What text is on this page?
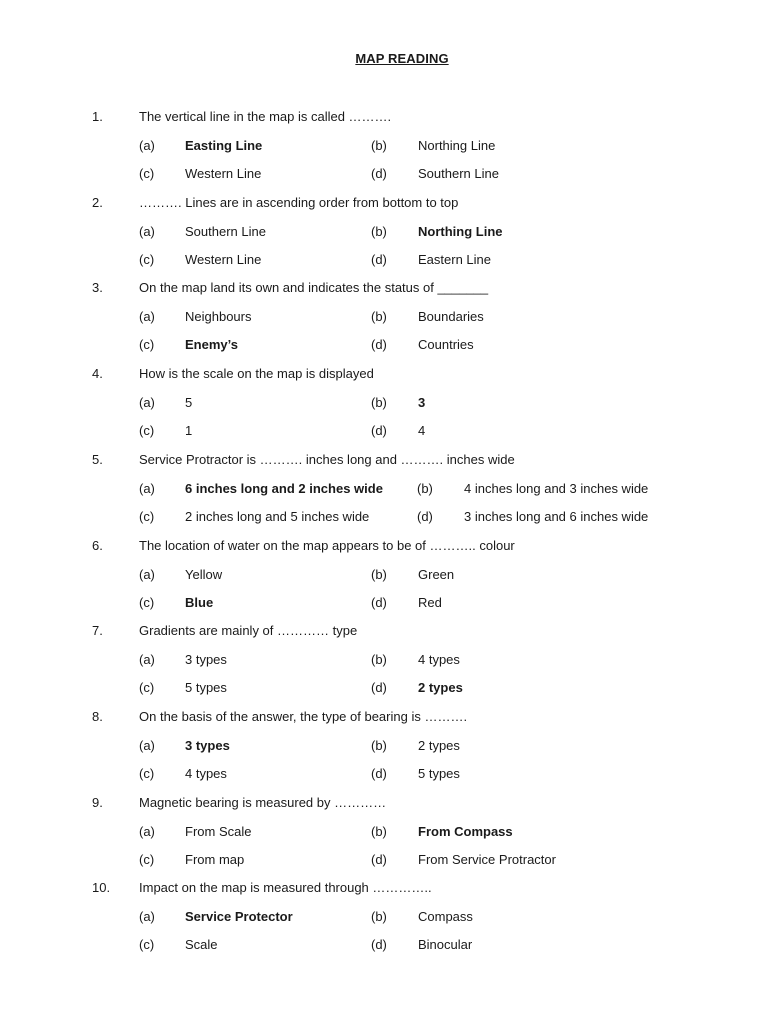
MAP READING
1.	The vertical line in the map is called ……….
(a) Easting Line	(b) Northing Line
(c) Western Line	(d) Southern Line
2.	………. Lines are in ascending order from bottom to top
(a) Southern Line	(b) Northing Line
(c) Western Line	(d) Eastern Line
3.	On the map land its own and indicates the status of _______
(a) Neighbours	(b) Boundaries
(c) Enemy’s	(d) Countries
4.	How is the scale on the map is displayed
(a) 5	(b) 3
(c) 1	(d) 4
5.	Service Protractor is ………. inches long and ………. inches wide
(a) 6 inches long and 2 inches wide	(b) 4 inches long and 3 inches wide
(c) 2 inches long and 5 inches wide	(d) 3 inches long and 6 inches wide
6.	The location of water on the map appears to be of ……….. colour
(a) Yellow	(b) Green
(c) Blue	(d) Red
7.	Gradients are mainly of ………… type
(a) 3 types	(b) 4 types
(c) 5 types	(d) 2 types
8.	On the basis of the answer, the type of bearing is ……….
(a) 3 types	(b) 2 types
(c) 4 types	(d) 5 types
9.	Magnetic bearing is measured by …………
(a) From Scale	(b) From Compass
(c) From map	(d) From Service Protractor
10. Impact on the map is measured through …………..
(a) Service Protector	(b) Compass
(c) Scale	(d) Binocular
